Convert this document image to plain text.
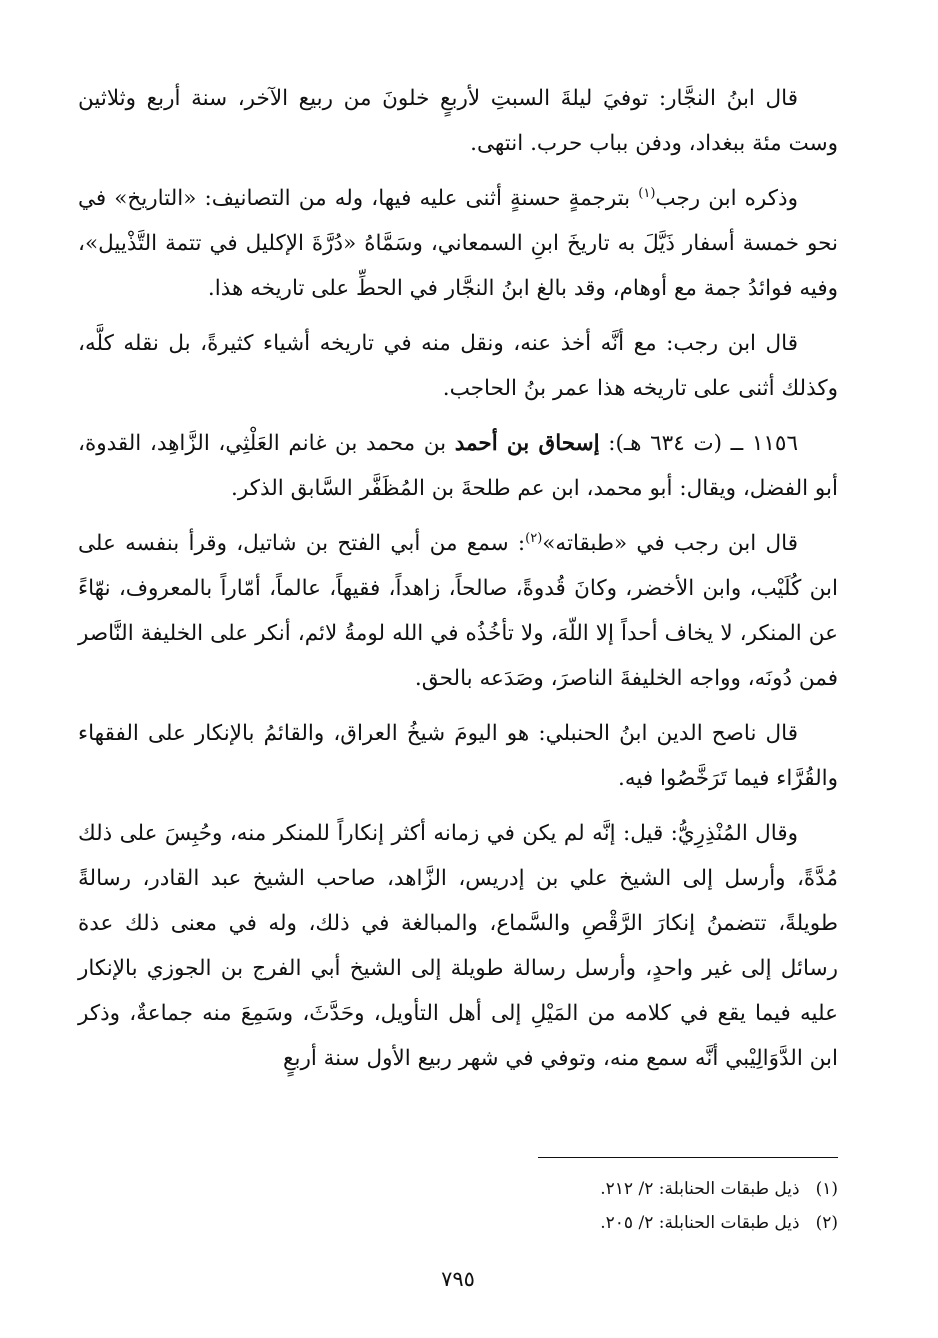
قال ابنُ النجَّار: توفيَ ليلةَ السبتِ لأربعٍ خلونَ من ربيع الآخر، سنة أربع وثلاثين وست مئة ببغداد، ودفن بباب حرب. انتهى.

وذكره ابن رجب$^{(١)}$ بترجمةٍ حسنةٍ أثنى عليه فيها، وله من التصانيف: «التاريخ» في نحو خمسة أسفار ذَيَّلَ به تاريخَ ابنِ السمعاني، وسَمَّاهُ «دُرَّةَ الإكليل في تتمة التَّذْييل»، وفيه فوائدُ جمة مع أوهام، وقد بالغ ابنُ النجَّار في الحطِّ على تاريخه هذا.

قال ابن رجب: مع أنَّه أخذ عنه، ونقل منه في تاريخه أشياء كثيرةً، بل نقله كلَّه، وكذلك أثنى على تاريخه هذا عمر بنُ الحاجب.

١١٥٦ ــ (ت ٦٣٤ هـ): إسحاق بن أحمد بن محمد بن غانم العَلْثِي، الزَّاهِد، القدوة، أبو الفضل، ويقال: أبو محمد، ابن عم طلحةَ بن المُظَفَّر السَّابق الذكر.

قال ابن رجب في «طبقاته»$^{(٢)}$: سمع من أبي الفتح بن شاتيل، وقرأ بنفسه على ابن كُلَيْب، وابن الأخضر، وكانَ قُدوةً، صالحاً، زاهداً، فقيهاً، عالماً، أمّاراً بالمعروف، نهّاءً عن المنكر، لا يخاف أحداً إلا اللّهَ، ولا تأخُذُه في الله لومةُ لائم، أنكر على الخليفة النَّاصر فمن دُونَه، وواجه الخليفةَ الناصرَ، وصَدَعه بالحق.

قال ناصح الدين ابنُ الحنبلي: هو اليومَ شيخُ العراق، والقائمُ بالإنكار على الفقهاء والقُرَّاء فيما تَرَخَّصُوا فيه.

وقال المُنْذِرِيُّ: قيل: إنَّه لم يكن في زمانه أكثر إنكاراً للمنكر منه، وحُبِسَ على ذلك مُدَّةً، وأرسل إلى الشيخ علي بن إدريس، الزَّاهد، صاحب الشيخ عبد القادر، رسالةً طويلةً، تتضمنُ إنكارَ الرَّقْصِ والسَّماع، والمبالغة في ذلك، وله في معنى ذلك عدة رسائل إلى غير واحدٍ، وأرسل رسالة طويلة إلى الشيخ أبي الفرج بن الجوزي بالإنكار عليه فيما يقع في كلامه من المَيْلِ إلى أهل التأويل، وحَدَّثَ، وسَمِعَ منه جماعةٌ، وذكر ابن الدَّوَالِيْبي أنَّه سمع منه، وتوفي في شهر ربيع الأول سنة أربعٍ

(١)ذيل طبقات الحنابلة: ٢/ ٢١٢.
(٢)ذيل طبقات الحنابلة: ٢/ ٢٠٥.
٧٩٥
